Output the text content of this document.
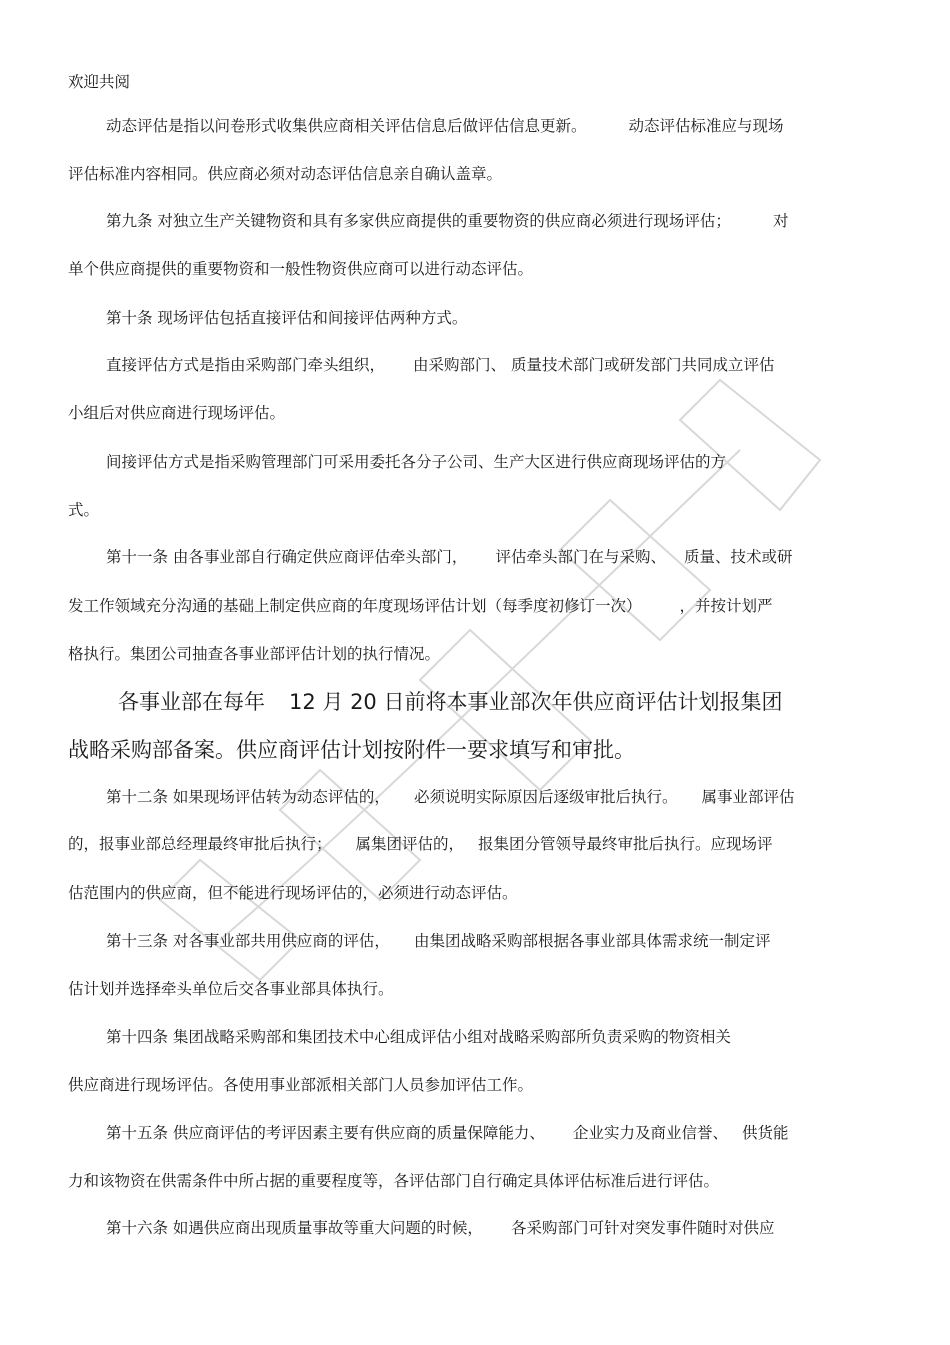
欢迎共阅
动态评估是指以问卷形式收集供应商相关评估信息后做评估信息更新。	动态评估标准应与现场
评估标准内容相同。供应商必须对动态评估信息亲自确认盖章。
第九条 对独立生产关键物资和具有多家供应商提供的重要物资的供应商必须进行现场评估；	对
单个供应商提供的重要物资和一般性物资供应商可以进行动态评估。
第十条 现场评估包括直接评估和间接评估两种方式。
直接评估方式是指由采购部门牵头组织， 由采购部门、 质量技术部门或研发部门共同成立评估
小组后对供应商进行现场评估。
间接评估方式是指采购管理部门可采用委托各分子公司、生产大区进行供应商现场评估的方
式。
第十一条 由各事业部自行确定供应商评估牵头部门， 评估牵头部门在与采购、 质量、技术或研
发工作领域充分沟通的基础上制定供应商的年度现场评估计划（每季度初修订一次） ，并按计划严
格执行。集团公司抽查各事业部评估计划的执行情况。
各事业部在每年 12 月 20 日前将本事业部次年供应商评估计划报集团
战略采购部备案。供应商评估计划按附件一要求填写和审批。
第十二条 如果现场评估转为动态评估的， 必须说明实际原因后逐级审批后执行。 属事业部评估
的，报事业部总经理最终审批后执行； 属集团评估的， 报集团分管领导最终审批后执行。应现场评
估范围内的供应商，但不能进行现场评估的，必须进行动态评估。
第十三条 对各事业部共用供应商的评估， 由集团战略采购部根据各事业部具体需求统一制定评
估计划并选择牵头单位后交各事业部具体执行。
第十四条 集团战略采购部和集团技术中心组成评估小组对战略采购部所负责采购的物资相关
供应商进行现场评估。各使用事业部派相关部门人员参加评估工作。
第十五条 供应商评估的考评因素主要有供应商的质量保障能力、 企业实力及商业信誉、 供货能
力和该物资在供需条件中所占据的重要程度等，各评估部门自行确定具体评估标准后进行评估。
第十六条 如遇供应商出现质量事故等重大问题的时候， 各采购部门可针对突发事件随时对供应
